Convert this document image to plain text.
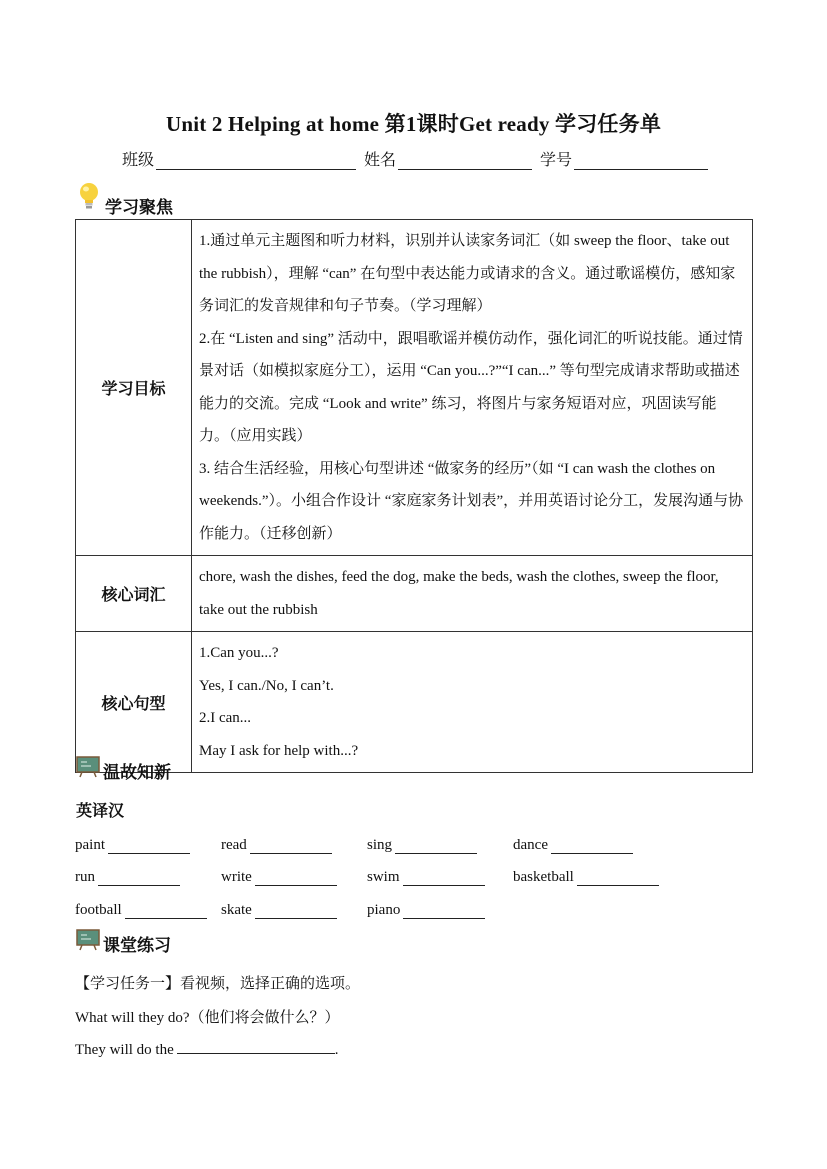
Unit 2 Helping at home 第1课时Get ready 学习任务单
班级	姓名	学号
学习聚焦
学习目标	1.通过单元主题图和听力材料，识别并认读家务词汇（如 sweep the floor、take out the rubbish），理解 “can” 在句型中表达能力或请求的含义。通过歌谣模仿，感知家务词汇的发音规律和句子节奏。（学习理解）

2.在 “Listen and sing” 活动中，跟唱歌谣并模仿动作，强化词汇的听说技能。通过情景对话（如模拟家庭分工），运用 “Can you...?”“I can...” 等句型完成请求帮助或描述能力的交流。完成 “Look and write” 练习，将图片与家务短语对应，巩固读写能力。（应用实践）

3. 结合生活经验，用核心句型讲述 “做家务的经历”（如 “I can wash the clothes on weekends.”）。小组合作设计 “家庭家务计划表”，并用英语讨论分工，发展沟通与协作能力。（迁移创新）

核心词汇	chore, wash the dishes, feed the dog, make the beds, wash the clothes, sweep the floor, take out the rubbish
核心句型	1.Can you...?

Yes, I can./No, I can’t.

2.I can...

May I ask for help with...?

温故知新
英译汉
paint	read	sing	dance
run	write	swim	basketball
football	skate	piano
课堂练习
【学习任务一】看视频，选择正确的选项。
What will they do?（他们将会做什么？）
They will do the	.
